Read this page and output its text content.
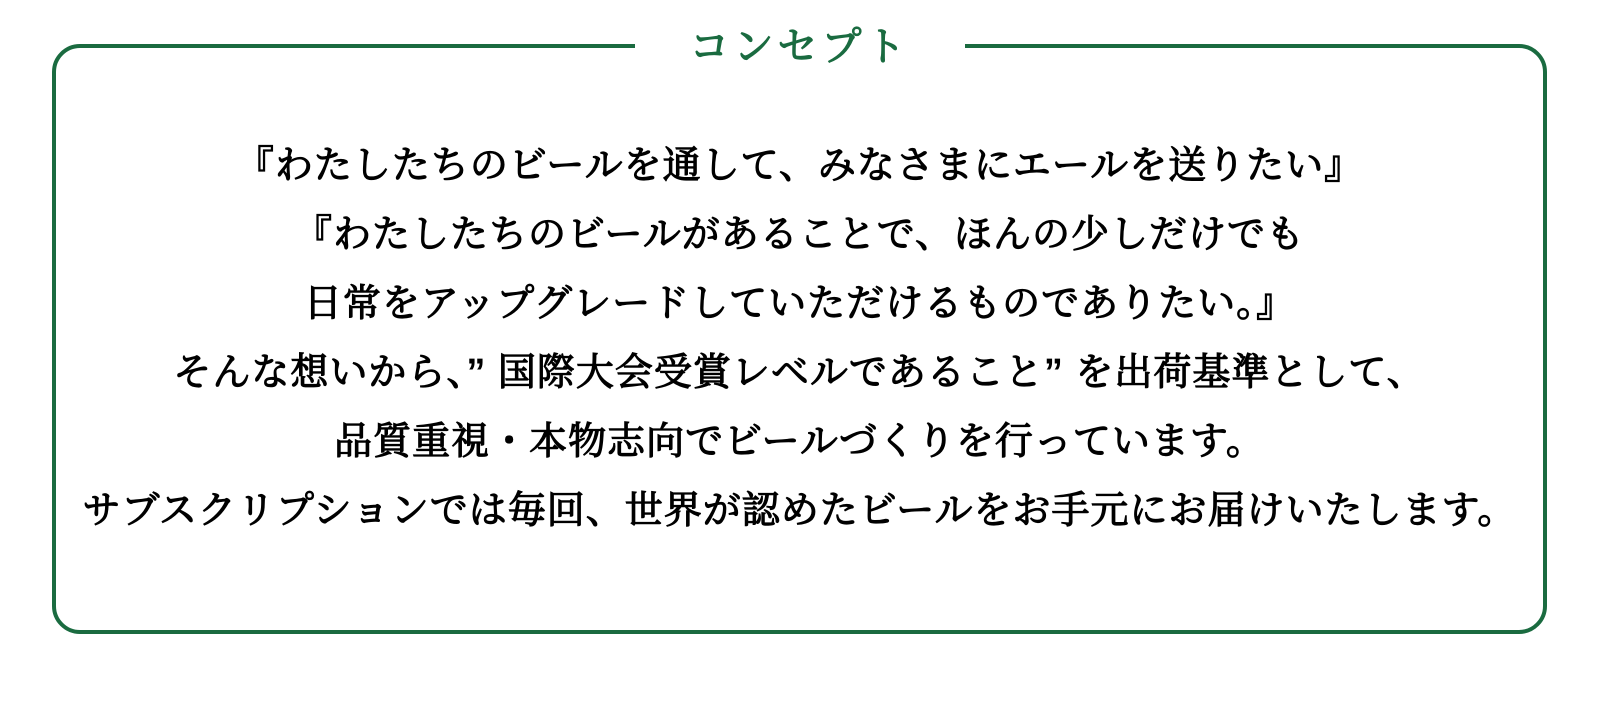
コンセプト
『わたしたちのビールを通して、みなさまにエールを送りたい』
『わたしたちのビールがあることで、ほんの少しだけでも
日常をアップグレードしていただけるものでありたい。』
そんな想いから、” 国際大会受賞レベルであること” を出荷基準として、
品質重視・本物志向でビールづくりを行っています。
サブスクリプションでは毎回、世界が認めたビールをお手元にお届けいたします。
